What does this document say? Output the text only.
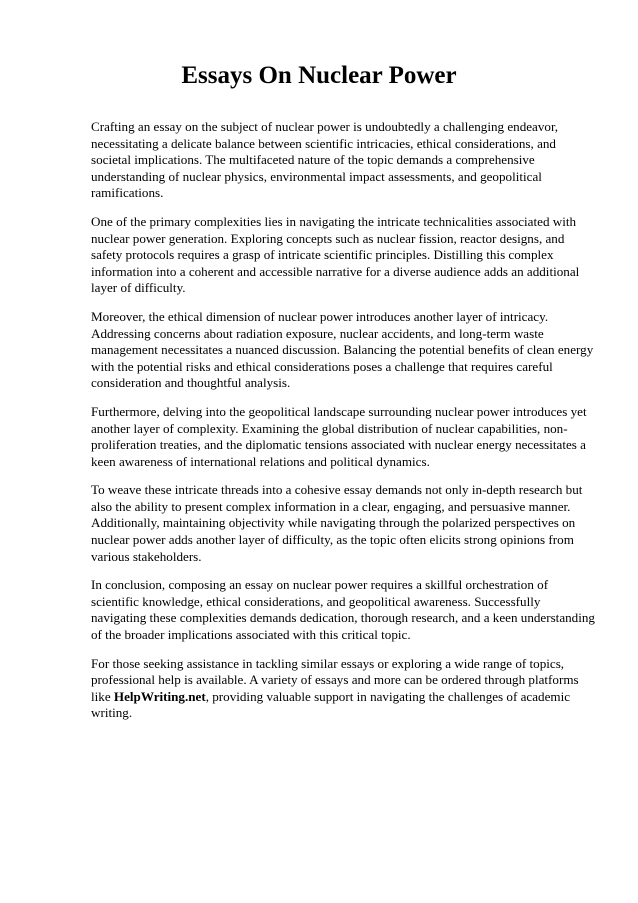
Essays On Nuclear Power

Crafting an essay on the subject of nuclear power is undoubtedly a challenging endeavor, necessitating a delicate balance between scientific intricacies, ethical considerations, and societal implications. The multifaceted nature of the topic demands a comprehensive understanding of nuclear physics, environmental impact assessments, and geopolitical ramifications.

One of the primary complexities lies in navigating the intricate technicalities associated with nuclear power generation. Exploring concepts such as nuclear fission, reactor designs, and safety protocols requires a grasp of intricate scientific principles. Distilling this complex information into a coherent and accessible narrative for a diverse audience adds an additional layer of difficulty.

Moreover, the ethical dimension of nuclear power introduces another layer of intricacy. Addressing concerns about radiation exposure, nuclear accidents, and long-term waste management necessitates a nuanced discussion. Balancing the potential benefits of clean energy with the potential risks and ethical considerations poses a challenge that requires careful consideration and thoughtful analysis.

Furthermore, delving into the geopolitical landscape surrounding nuclear power introduces yet another layer of complexity. Examining the global distribution of nuclear capabilities, non-proliferation treaties, and the diplomatic tensions associated with nuclear energy necessitates a keen awareness of international relations and political dynamics.

To weave these intricate threads into a cohesive essay demands not only in-depth research but also the ability to present complex information in a clear, engaging, and persuasive manner. Additionally, maintaining objectivity while navigating through the polarized perspectives on nuclear power adds another layer of difficulty, as the topic often elicits strong opinions from various stakeholders.

In conclusion, composing an essay on nuclear power requires a skillful orchestration of scientific knowledge, ethical considerations, and geopolitical awareness. Successfully navigating these complexities demands dedication, thorough research, and a keen understanding of the broader implications associated with this critical topic.

For those seeking assistance in tackling similar essays or exploring a wide range of topics, professional help is available. A variety of essays and more can be ordered through platforms like HelpWriting.net, providing valuable support in navigating the challenges of academic writing.
